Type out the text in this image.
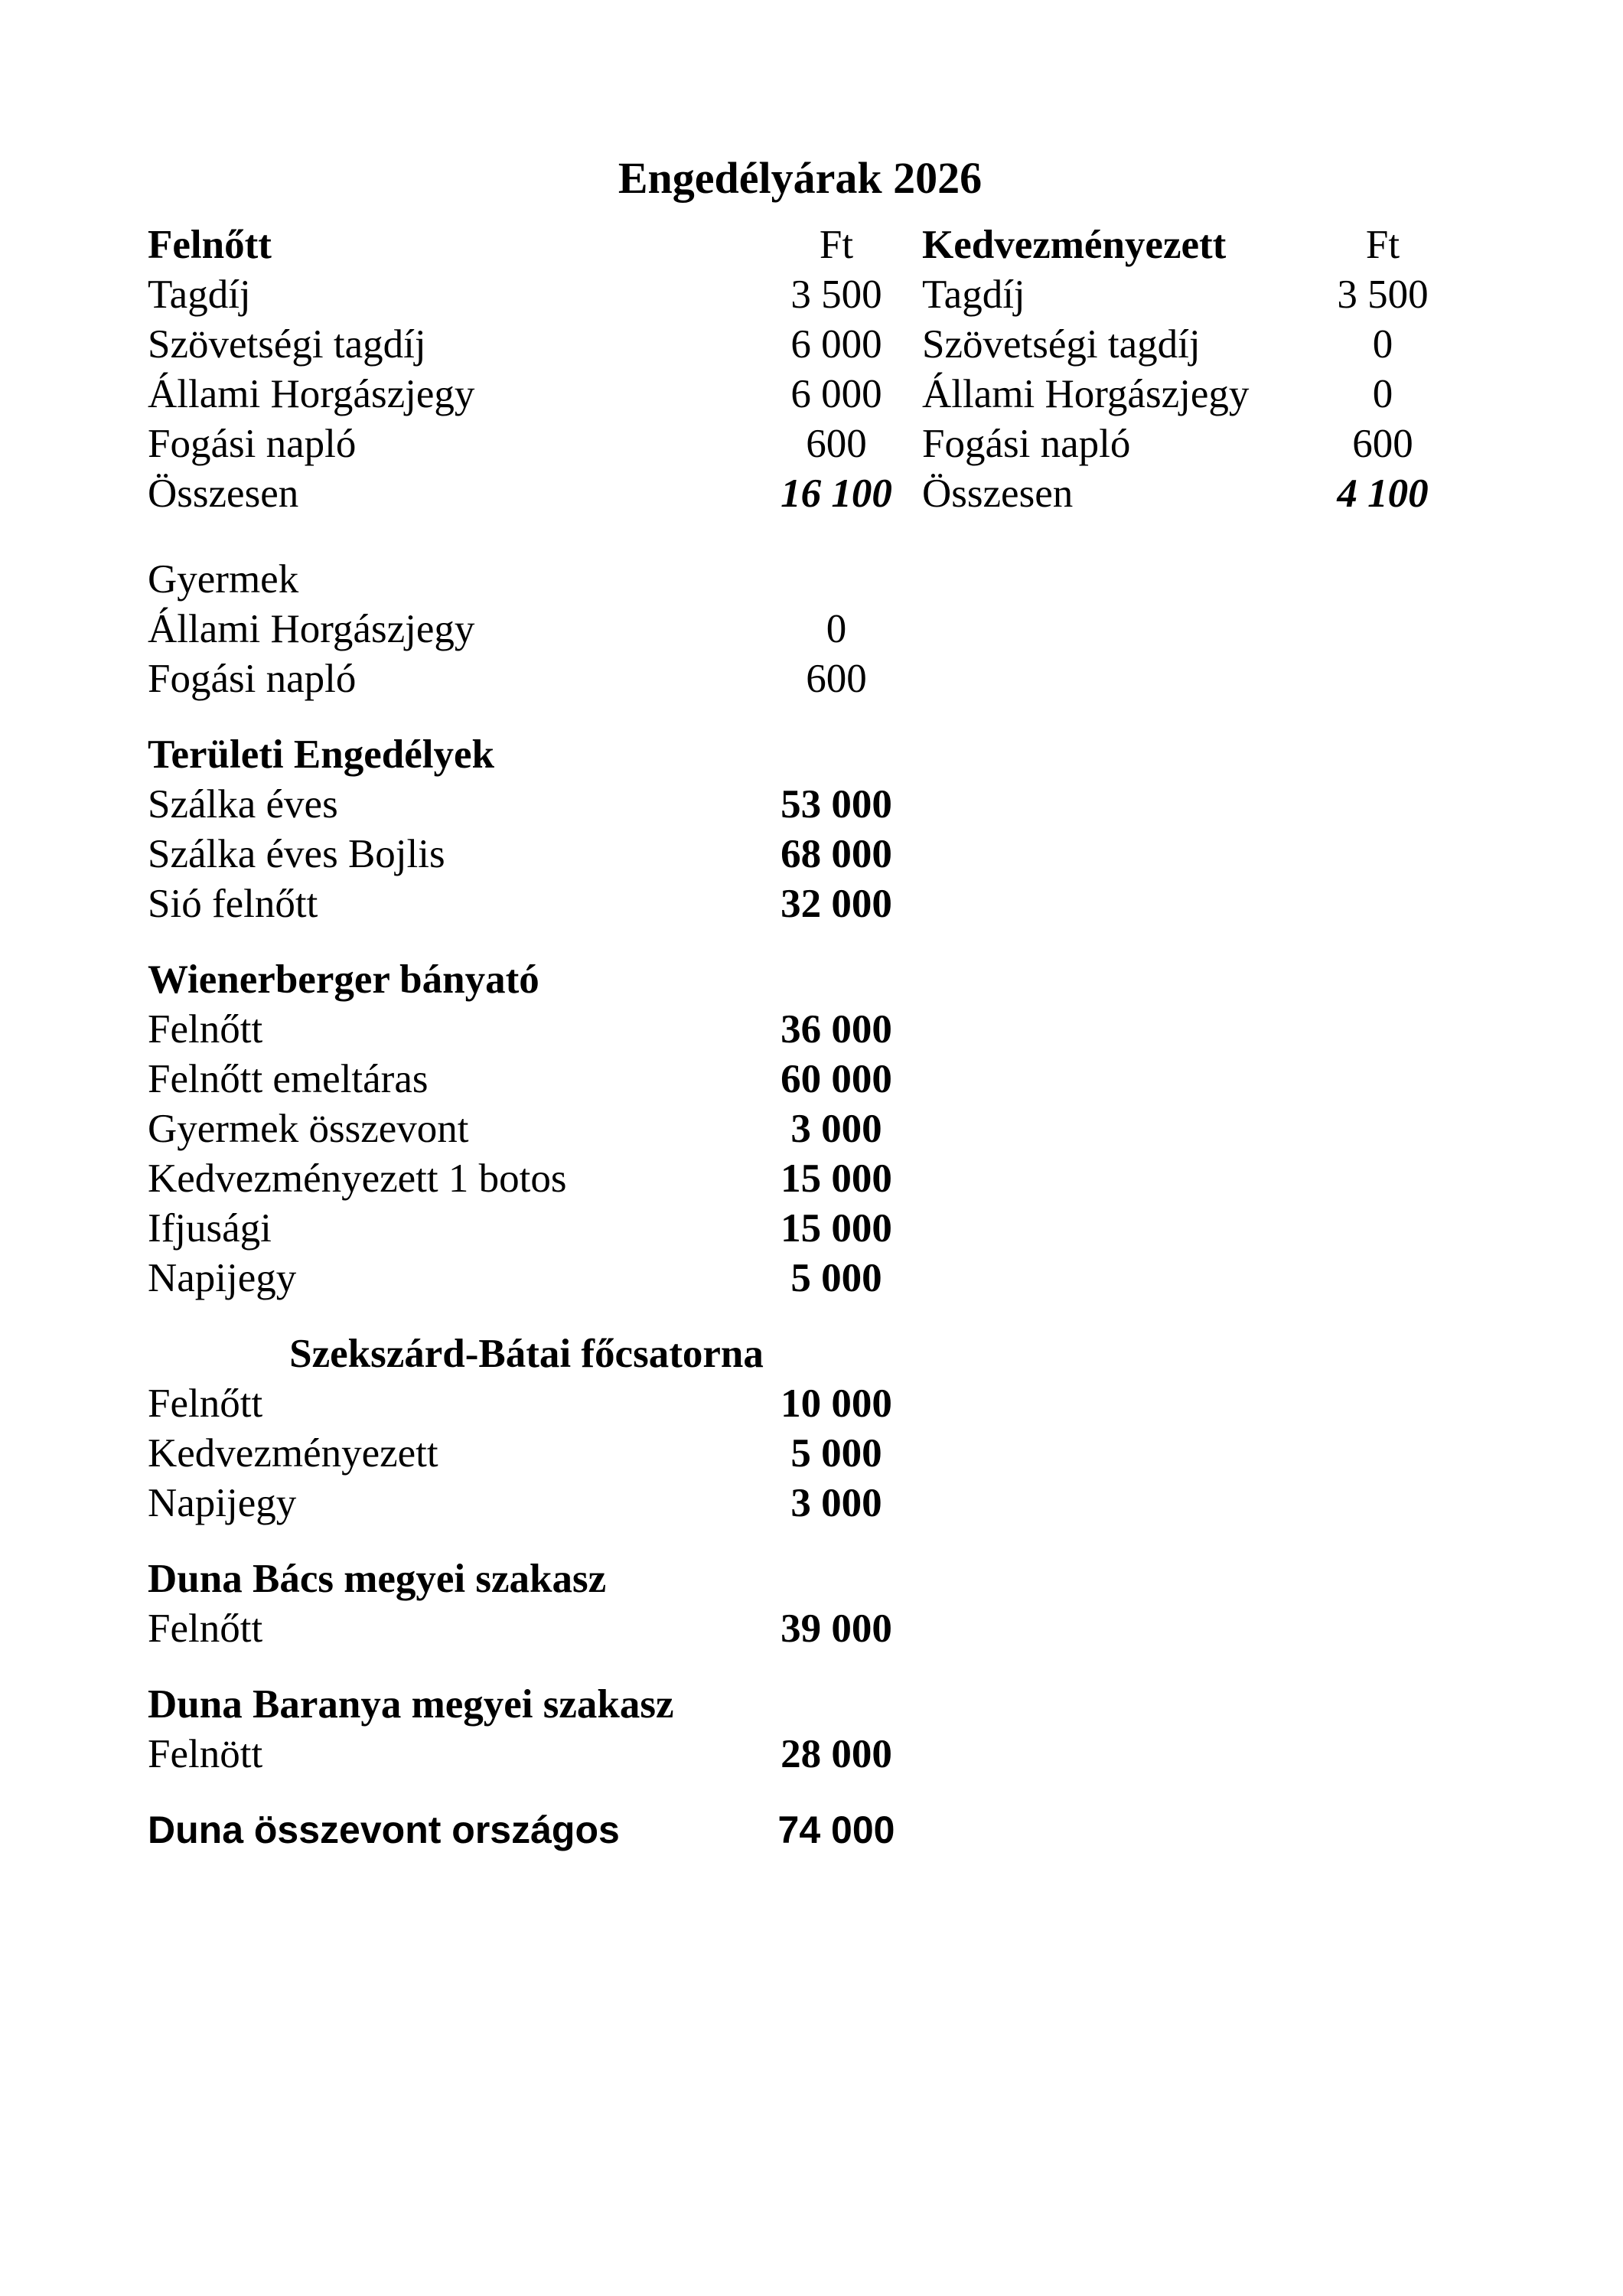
Engedélyárak 2026
Felnőtt	Ft	Kedvezményezett	Ft
Tagdíj	3 500 Tagdíj	3 500
Szövetségi tagdíj	6 000 Szövetségi tagdíj	0
Állami Horgászjegy	6 000 Állami Horgászjegy	0
Fogási napló	600	Fogási napló	600
Összesen	16 100 Összesen	4 100
Gyermek
Állami Horgászjegy	0
Fogási napló	600
Területi Engedélyek
Szálka éves	53 000
Szálka éves Bojlis	68 000
Sió felnőtt	32 000
Wienerberger bányató
Felnőtt	36 000
Felnőtt emeltáras	60 000
Gyermek összevont	3 000
Kedvezményezett 1 botos	15 000
Ifjusági	15 000
Napijegy	5 000
Szekszárd-Bátai főcsatorna
Felnőtt	10 000
Kedvezményezett	5 000
Napijegy	3 000
Duna Bács megyei szakasz
Felnőtt	39 000
Duna Baranya megyei szakasz
Felnött	28 000
Duna összevont országos	74 000
